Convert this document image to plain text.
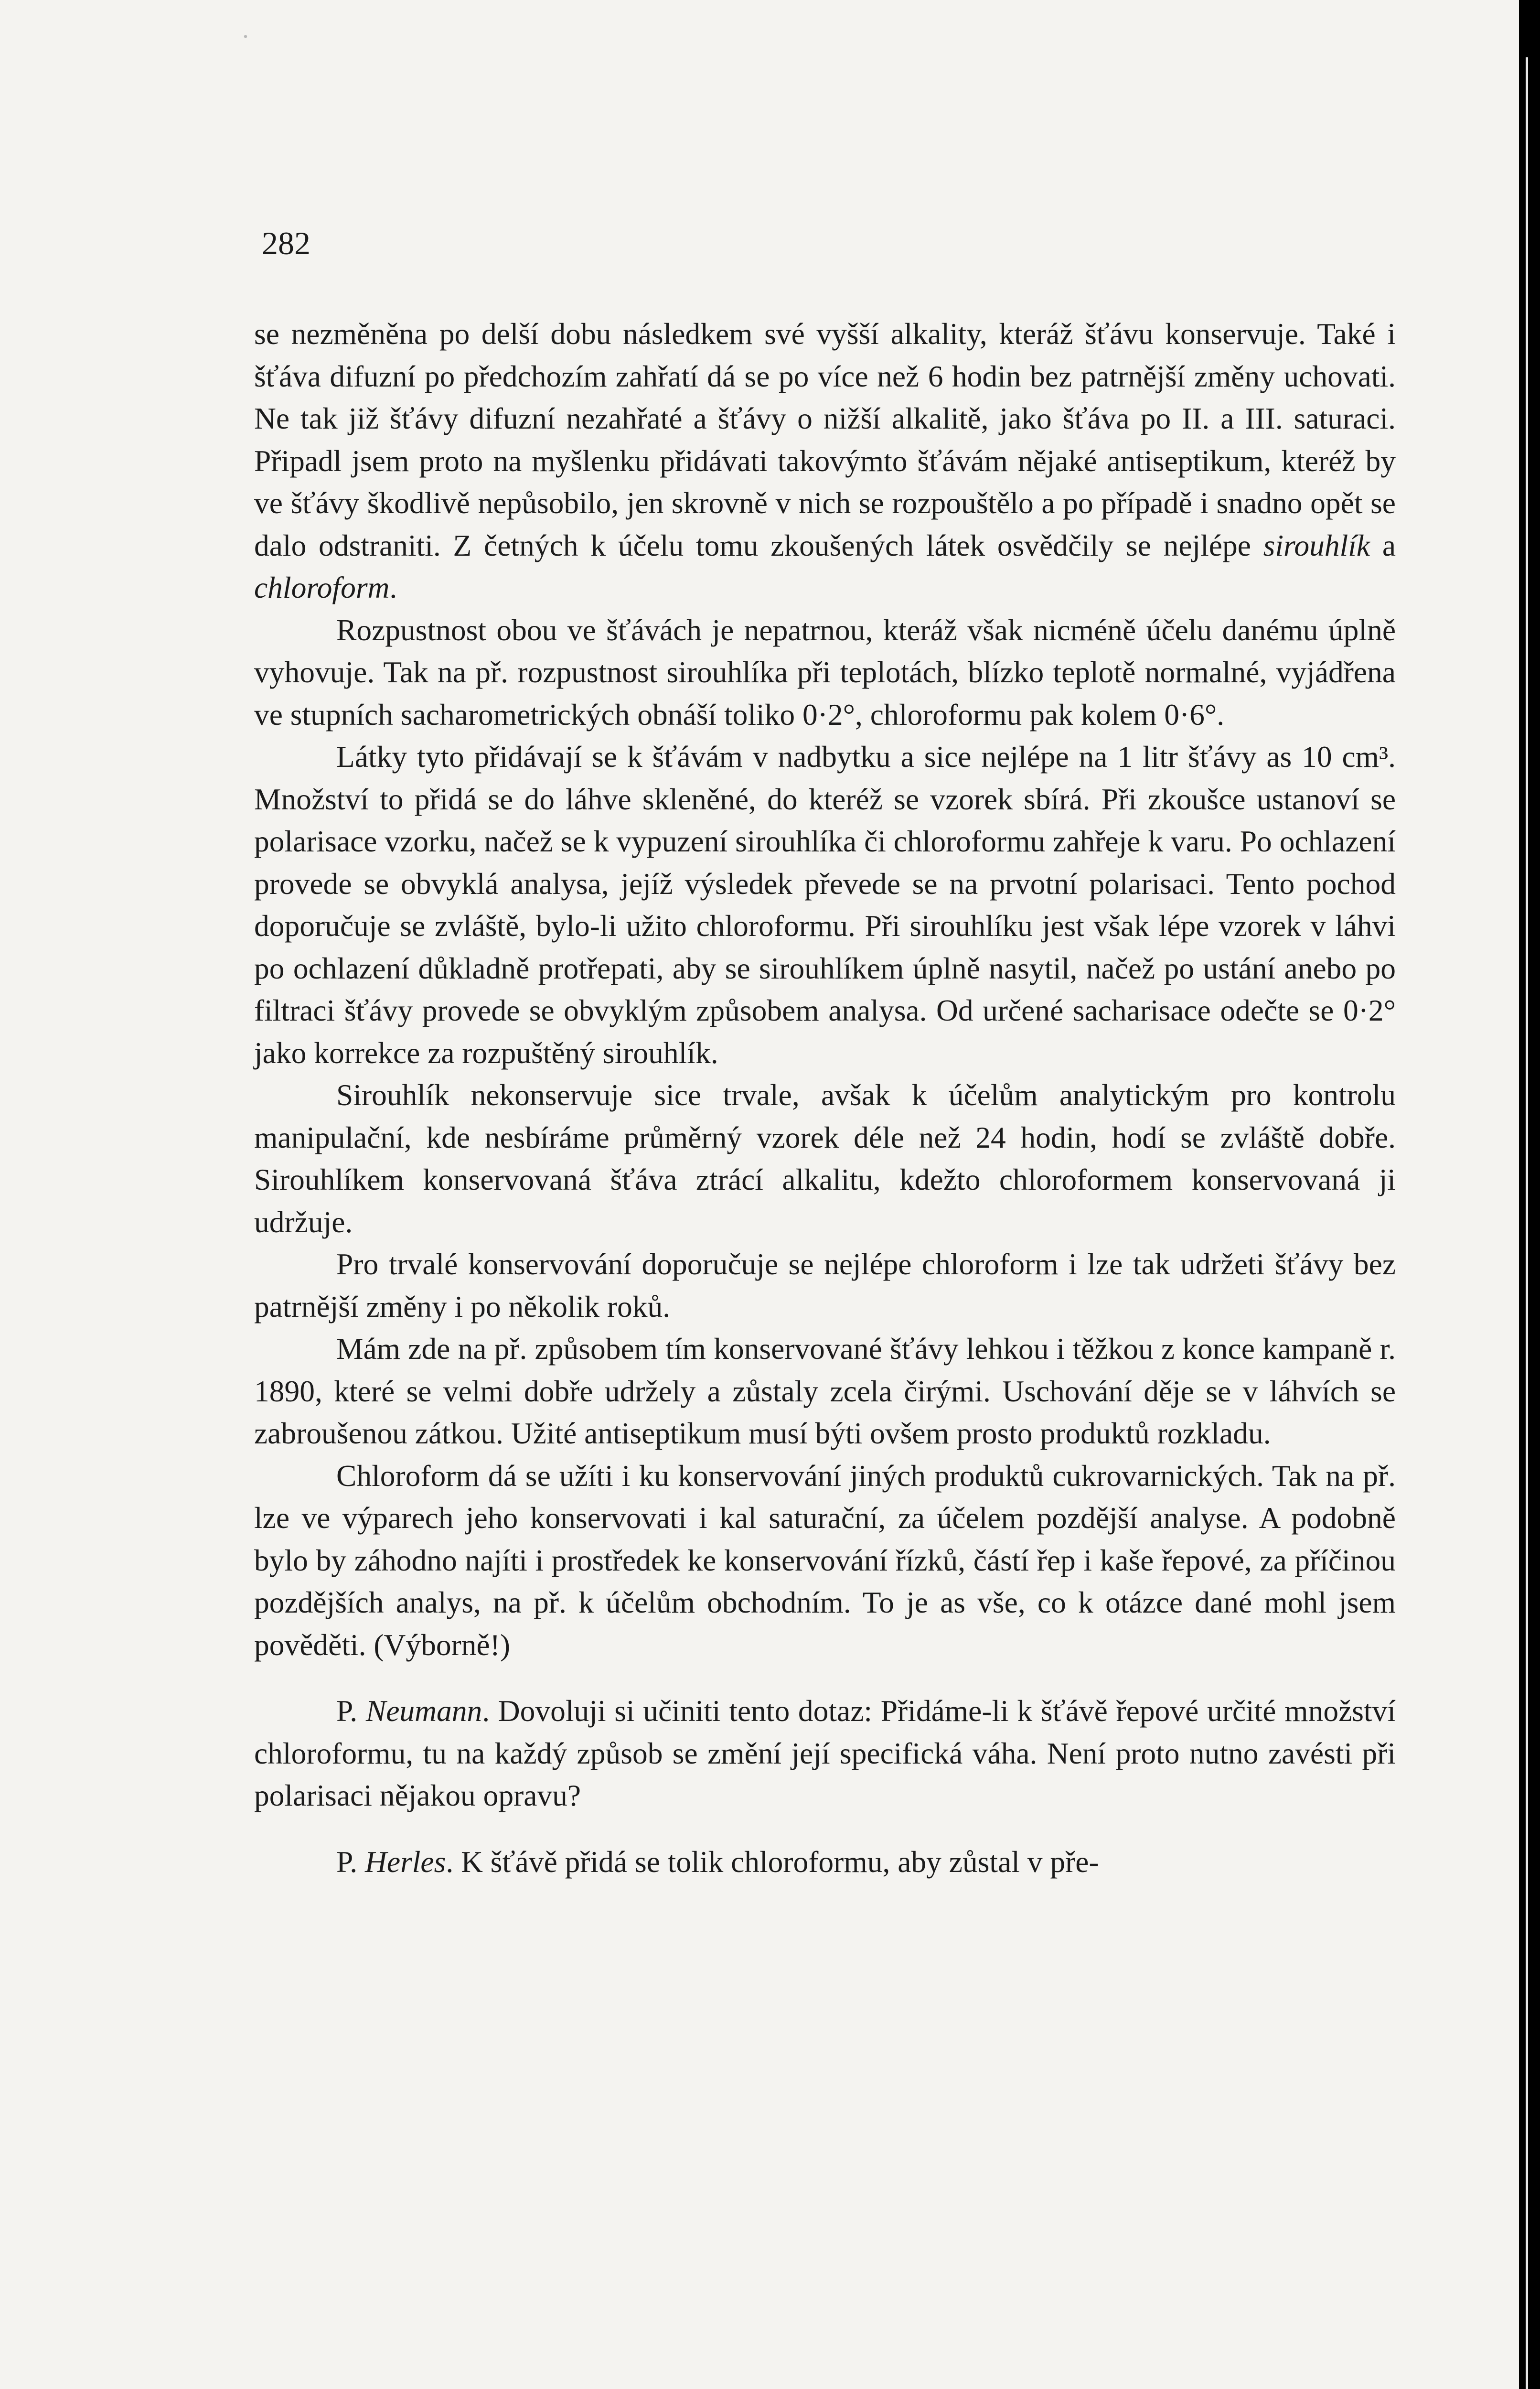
·
282

se nezměněna po delší dobu následkem své vyšší alkality, kteráž šťávu konservuje. Také i šťáva difuzní po předchozím zahřatí dá se po více než 6 hodin bez patrnější změny uchovati. Ne tak již šťávy difuzní nezahřaté a šťávy o nižší alkalitě, jako šťáva po II. a III. saturaci. Připadl jsem proto na myšlenku přidávati takovýmto šťávám nějaké antiseptikum, kteréž by ve šťávy škodlivě nepůsobilo, jen skrovně v nich se rozpouštělo a po případě i snadno opět se dalo odstraniti. Z četných k účelu tomu zkoušených látek osvědčily se nejlépe sirouhlík a chloroform.

Rozpustnost obou ve šťávách je nepatrnou, kteráž však nicméně účelu danému úplně vyhovuje. Tak na př. rozpustnost sirouhlíka při teplotách, blízko teplotě normalné, vyjádřena ve stupních sacharometrických obnáší toliko 0·2°, chloroformu pak kolem 0·6°.

Látky tyto přidávají se k šťávám v nadbytku a sice nejlépe na 1 litr šťávy as 10 cm³. Množství to přidá se do láhve skleněné, do kteréž se vzorek sbírá. Při zkoušce ustanoví se polarisace vzorku, načež se k vypuzení sirouhlíka či chloroformu zahřeje k varu. Po ochlazení provede se obvyklá analysa, jejíž výsledek převede se na prvotní polarisaci. Tento pochod doporučuje se zvláště, bylo-li užito chloroformu. Při sirouhlíku jest však lépe vzorek v láhvi po ochlazení důkladně protřepati, aby se sirouhlíkem úplně nasytil, načež po ustání anebo po filtraci šťávy provede se obvyklým způsobem analysa. Od určené sacharisace odečte se 0·2° jako korrekce za rozpuštěný sirouhlík.

Sirouhlík nekonservuje sice trvale, avšak k účelům analytickým pro kontrolu manipulační, kde nesbíráme průměrný vzorek déle než 24 hodin, hodí se zvláště dobře. Sirouhlíkem konservovaná šťáva ztrácí alkalitu, kdežto chloroformem konservovaná ji udržuje.

Pro trvalé konservování doporučuje se nejlépe chloroform i lze tak udržeti šťávy bez patrnější změny i po několik roků.

Mám zde na př. způsobem tím konservované šťávy lehkou i těžkou z konce kampaně r. 1890, které se velmi dobře udržely a zůstaly zcela čirými. Uschování děje se v láhvích se zabroušenou zátkou. Užité antiseptikum musí býti ovšem prosto produktů rozkladu.

Chloroform dá se užíti i ku konservování jiných produktů cukrovarnických. Tak na př. lze ve výparech jeho konservovati i kal saturační, za účelem pozdější analyse. A podobně bylo by záhodno najíti i prostředek ke konservování řízků, částí řep i kaše řepové, za příčinou pozdějších analys, na př. k účelům obchodním. To je as vše, co k otázce dané mohl jsem pověděti. (Výborně!)

P. Neumann. Dovoluji si učiniti tento dotaz: Přidáme-li k šťávě řepové určité množství chloroformu, tu na každý způsob se změní její specifická váha. Není proto nutno zavésti při polarisaci nějakou opravu?

P. Herles. K šťávě přidá se tolik chloroformu, aby zůstal v pře-
